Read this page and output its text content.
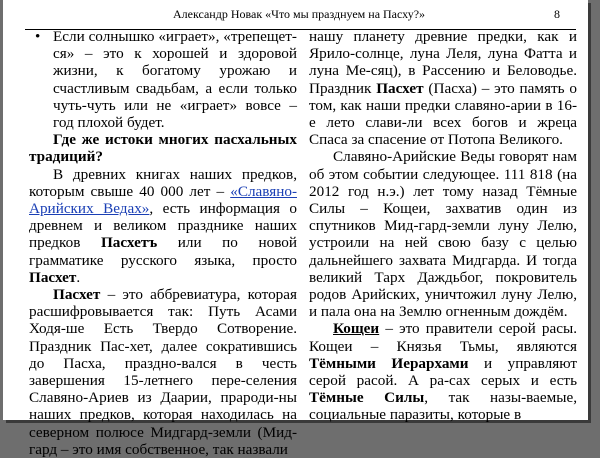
Александр Новак «Что мы празднуем на Пасху?»	8

• Если солнышко «играет», «трепещет-ся» – это к хорошей и здоровой жизни, к богатому урожаю и счастливым свадьбам, а если только чуть-чуть или не «играет» вовсе – год плохой будет.

Где же истоки многих пасхальных традиций?

В древних книгах наших предков, которым свыше 40 000 лет – «Славяно-Арийских Ведах», есть информация о древнем и великом празднике наших предков Пасхетъ или по новой грамматике русского языка, просто Пасхет.

Пасхет – это аббревиатура, которая расшифровывается так: Путь Асами Ходя-ше Есть Твердо Сотворение. Праздник Пас-хет, далее сократившись до Пасха, праздно-вался в честь завершения 15-летнего пере-селения Славяно-Ариев из Даарии, прароди-ны наших предков, которая находилась на северном полюсе Мидгард-земли (Мид-гард – это имя собственное, так назвали

нашу планету древние предки, как и Ярило-солнце, луна Леля, луна Фатта и луна Ме-сяц), в Рассению и Беловодье. Праздник Пасхет (Пасха) – это память о том, как наши предки славяно-арии в 16-е лето слави-ли всех богов и жреца Спаса за спасение от Потопа Великого.

Славяно-Арийские Веды говорят нам об этом событии следующее. 111 818 (на 2012 год н.э.) лет тому назад Тёмные Силы – Кощеи, захватив один из спутников Мид-гард-земли луну Лелю, устроили на ней свою базу с целью дальнейшего захвата Мидгарда. И тогда великий Тарх Даждьбог, покровитель родов Арийских, уничтожил луну Лелю, и пала она на Землю огненным дождём.

Кощеи – это правители серой расы. Кощеи – Князья Тьмы, являются Тёмными Иерархами и управляют серой расой. А ра-сах серых и есть Тёмные Силы, так назы-ваемые, социальные паразиты, которые в
